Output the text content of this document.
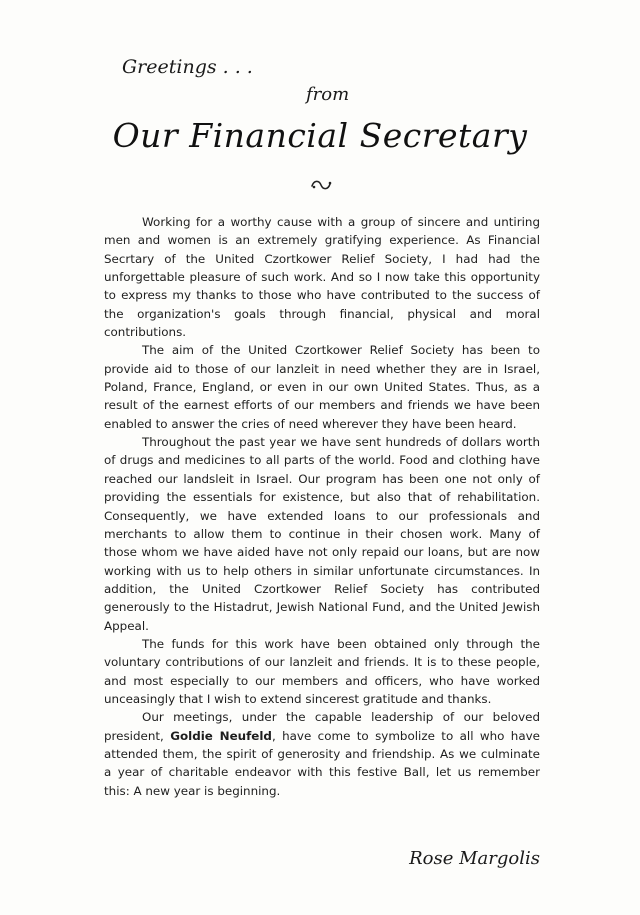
Greetings . . .
from
Our Financial Secretary

Working for a worthy cause with a group of sincere and untiring men and women is an extremely gratifying experience. As Financial Secrtary of the United Czortkower Relief Society, I had had the unforgettable pleasure of such work. And so I now take this opportunity to express my thanks to those who have contributed to the success of the organization's goals through financial, physical and moral contributions.

The aim of the United Czortkower Relief Society has been to provide aid to those of our lanzleit in need whether they are in Israel, Poland, France, England, or even in our own United States. Thus, as a result of the earnest efforts of our members and friends we have been enabled to answer the cries of need wherever they have been heard.

Throughout the past year we have sent hundreds of dollars worth of drugs and medicines to all parts of the world. Food and clothing have reached our landsleit in Israel. Our program has been one not only of providing the essentials for existence, but also that of rehabilitation. Consequently, we have extended loans to our professionals and merchants to allow them to continue in their chosen work. Many of those whom we have aided have not only repaid our loans, but are now working with us to help others in similar unfortunate circumstances. In addition, the United Czortkower Relief Society has contributed generously to the Histadrut, Jewish National Fund, and the United Jewish Appeal.

The funds for this work have been obtained only through the voluntary contributions of our lanzleit and friends. It is to these people, and most especially to our members and officers, who have worked unceasingly that I wish to extend sincerest gratitude and thanks.

Our meetings, under the capable leadership of our beloved president, Goldie Neufeld, have come to symbolize to all who have attended them, the spirit of generosity and friendship. As we culminate a year of charitable endeavor with this festive Ball, let us remember this: A new year is beginning.

Rose Margolis
